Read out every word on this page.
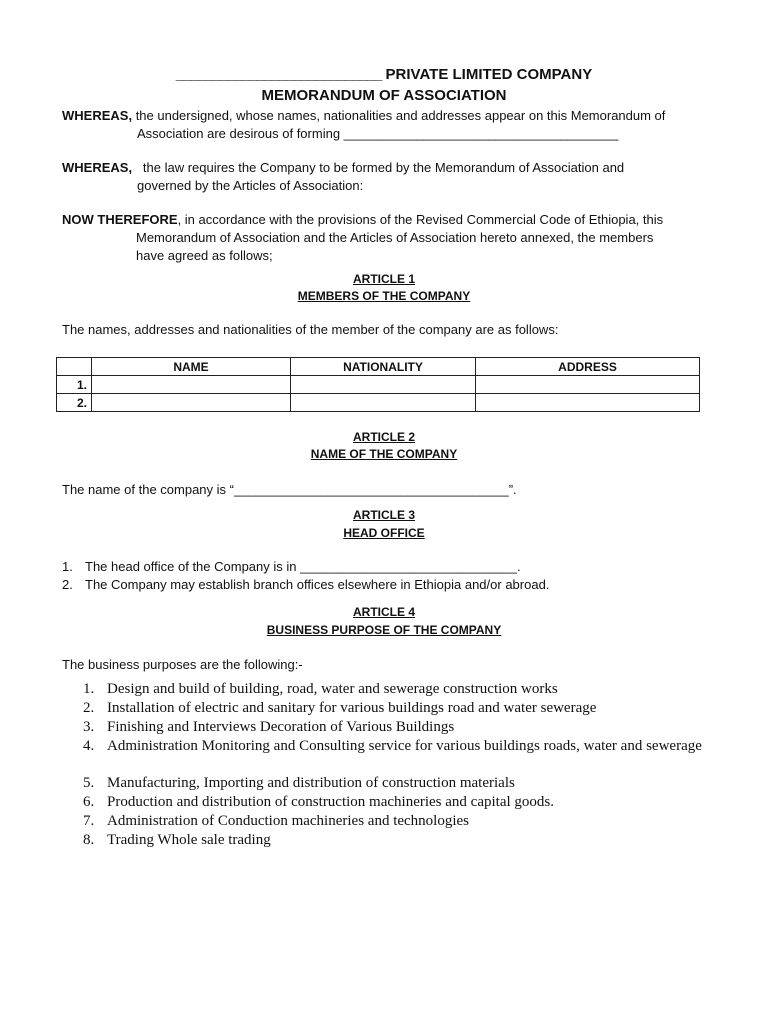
____________________________ PRIVATE LIMITED COMPANY
MEMORANDUM OF ASSOCIATION
WHEREAS, the undersigned, whose names, nationalities and addresses appear on this Memorandum of
Association are desirous of forming ______________________________________
WHEREAS, the law requires the Company to be formed by the Memorandum of Association and
governed by the Articles of Association:
NOW THEREFORE, in accordance with the provisions of the Revised Commercial Code of Ethiopia, this
Memorandum of Association and the Articles of Association hereto annexed, the members
have agreed as follows;
ARTICLE 1
MEMBERS OF THE COMPANY
The names, addresses and nationalities of the member of the company are as follows:
	NAME	NATIONALITY	ADDRESS
1.			
2.			
ARTICLE 2
NAME OF THE COMPANY
The name of the company is “______________________________________”.
ARTICLE 3
HEAD OFFICE
1. The head office of the Company is in ______________________________.
2. The Company may establish branch offices elsewhere in Ethiopia and/or abroad.
ARTICLE 4
BUSINESS PURPOSE OF THE COMPANY
The business purposes are the following:-
1. Design and build of building, road, water and sewerage construction works
2. Installation of electric and sanitary for various buildings road and water sewerage
3. Finishing and Interviews Decoration of Various Buildings
4. Administration Monitoring and Consulting service for various buildings roads, water and sewerage
5. Manufacturing, Importing and distribution of construction materials
6. Production and distribution of construction machineries and capital goods.
7. Administration of Conduction machineries and technologies
8. Trading Whole sale trading
